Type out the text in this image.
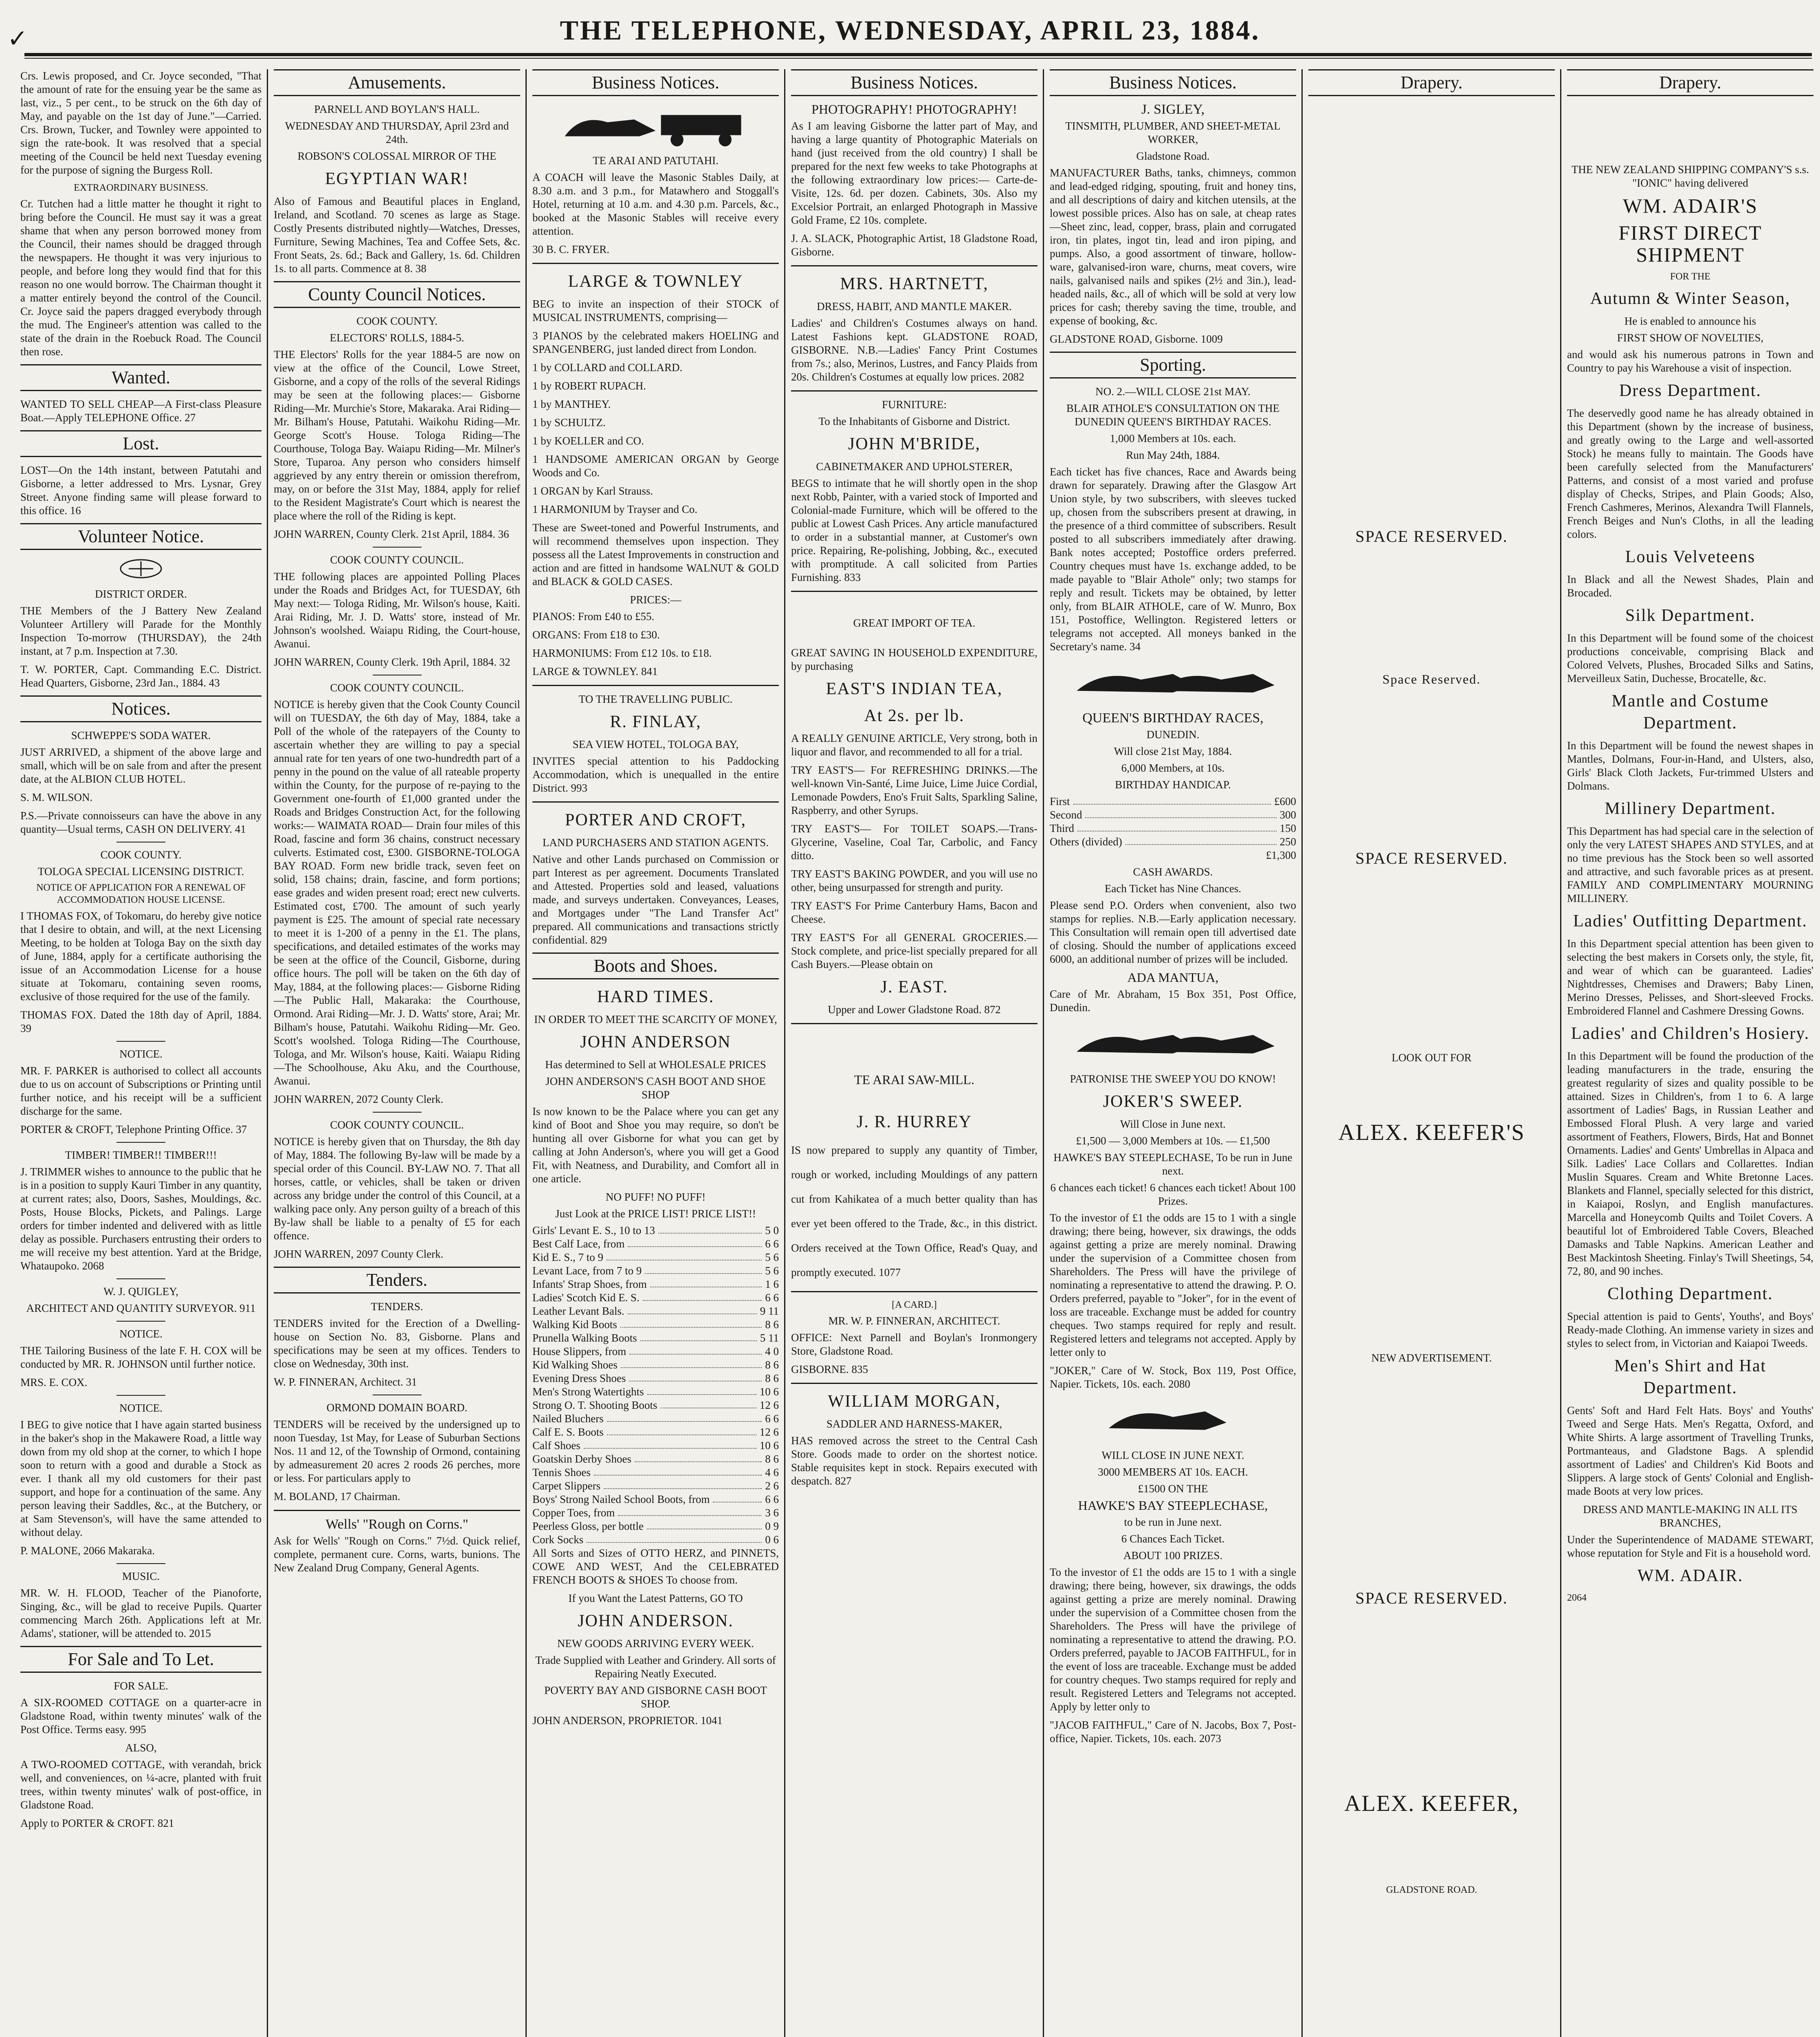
✓	THE TELEPHONE, WEDNESDAY, APRIL 23, 1884.

Crs. Lewis proposed, and Cr. Joyce seconded, "That the amount of rate for the ensuing year be the same as last, viz., 5 per cent., to be struck on the 6th day of May, and payable on the 1st day of June."—Carried. Crs. Brown, Tucker, and Townley were appointed to sign the rate-book. It was resolved that a special meeting of the Council be held next Tuesday evening for the purpose of signing the Burgess Roll.

EXTRAORDINARY BUSINESS.

Cr. Tutchen had a little matter he thought it right to bring before the Council. He must say it was a great shame that when any person borrowed money from the Council, their names should be dragged through the newspapers. He thought it was very injurious to people, and before long they would find that for this reason no one would borrow. The Chairman thought it a matter entirely beyond the control of the Council. Cr. Joyce said the papers dragged everybody through the mud. The Engineer's attention was called to the state of the drain in the Roebuck Road. The Council then rose.

Wanted.

WANTED TO SELL CHEAP—A First-class Pleasure Boat.—Apply TELEPHONE Office. 27

Lost.

LOST—On the 14th instant, between Patutahi and Gisborne, a letter addressed to Mrs. Lysnar, Grey Street. Anyone finding same will please forward to this office. 16

Volunteer Notice.
DISTRICT ORDER.

THE Members of the J Battery New Zealand Volunteer Artillery will Parade for the Monthly Inspection To-morrow (THURSDAY), the 24th instant, at 7 p.m. Inspection at 7.30.

T. W. PORTER, Capt. Commanding E.C. District. Head Quarters, Gisborne, 23rd Jan., 1884. 43

Notices.
SCHWEPPE'S SODA WATER.

JUST ARRIVED, a shipment of the above large and small, which will be on sale from and after the present date, at the ALBION CLUB HOTEL.

S. M. WILSON.

P.S.—Private connoisseurs can have the above in any quantity—Usual terms, CASH ON DELIVERY. 41

COOK COUNTY.
TOLOGA SPECIAL LICENSING DISTRICT.
NOTICE OF APPLICATION FOR A RENEWAL OF ACCOMMODATION HOUSE LICENSE.

I THOMAS FOX, of Tokomaru, do hereby give notice that I desire to obtain, and will, at the next Licensing Meeting, to be holden at Tologa Bay on the sixth day of June, 1884, apply for a certificate authorising the issue of an Accommodation License for a house situate at Tokomaru, containing seven rooms, exclusive of those required for the use of the family.

THOMAS FOX. Dated the 18th day of April, 1884. 39

NOTICE.

MR. F. PARKER is authorised to collect all accounts due to us on account of Subscriptions or Printing until further notice, and his receipt will be a sufficient discharge for the same.

PORTER & CROFT, Telephone Printing Office. 37

TIMBER! TIMBER!! TIMBER!!!

J. TRIMMER wishes to announce to the public that he is in a position to supply Kauri Timber in any quantity, at current rates; also, Doors, Sashes, Mouldings, &c. Posts, House Blocks, Pickets, and Palings. Large orders for timber indented and delivered with as little delay as possible. Purchasers entrusting their orders to me will receive my best attention. Yard at the Bridge, Whataupoko. 2068

W. J. QUIGLEY,
ARCHITECT AND QUANTITY SURVEYOR. 911
NOTICE.

THE Tailoring Business of the late F. H. COX will be conducted by MR. R. JOHNSON until further notice.

MRS. E. COX.

NOTICE.

I BEG to give notice that I have again started business in the baker's shop in the Makawere Road, a little way down from my old shop at the corner, to which I hope soon to return with a good and durable a Stock as ever. I thank all my old customers for their past support, and hope for a continuation of the same. Any person leaving their Saddles, &c., at the Butchery, or at Sam Stevenson's, will have the same attended to without delay.

P. MALONE, 2066 Makaraka.

MUSIC.

MR. W. H. FLOOD, Teacher of the Pianoforte, Singing, &c., will be glad to receive Pupils. Quarter commencing March 26th. Applications left at Mr. Adams', stationer, will be attended to. 2015

For Sale and To Let.
FOR SALE.

A SIX-ROOMED COTTAGE on a quarter-acre in Gladstone Road, within twenty minutes' walk of the Post Office. Terms easy. 995

ALSO,

A TWO-ROOMED COTTAGE, with verandah, brick well, and conveniences, on ¼-acre, planted with fruit trees, within twenty minutes' walk of post-office, in Gladstone Road.

Apply to PORTER & CROFT. 821

Amusements.
PARNELL AND BOYLAN'S HALL.
WEDNESDAY AND THURSDAY, April 23rd and 24th.
ROBSON'S COLOSSAL MIRROR OF THE
EGYPTIAN WAR!

Also of Famous and Beautiful places in England, Ireland, and Scotland. 70 scenes as large as Stage. Costly Presents distributed nightly—Watches, Dresses, Furniture, Sewing Machines, Tea and Coffee Sets, &c. Front Seats, 2s. 6d.; Back and Gallery, 1s. 6d. Children 1s. to all parts. Commence at 8. 38

County Council Notices.
COOK COUNTY.
ELECTORS' ROLLS, 1884-5.

THE Electors' Rolls for the year 1884-5 are now on view at the office of the Council, Lowe Street, Gisborne, and a copy of the rolls of the several Ridings may be seen at the following places:— Gisborne Riding—Mr. Murchie's Store, Makaraka. Arai Riding—Mr. Bilham's House, Patutahi. Waikohu Riding—Mr. George Scott's House. Tologa Riding—The Courthouse, Tologa Bay. Waiapu Riding—Mr. Milner's Store, Tuparoa. Any person who considers himself aggrieved by any entry therein or omission therefrom, may, on or before the 31st May, 1884, apply for relief to the Resident Magistrate's Court which is nearest the place where the roll of the Riding is kept.

JOHN WARREN, County Clerk. 21st April, 1884. 36

COOK COUNTY COUNCIL.

THE following places are appointed Polling Places under the Roads and Bridges Act, for TUESDAY, 6th May next:— Tologa Riding, Mr. Wilson's house, Kaiti. Arai Riding, Mr. J. D. Watts' store, instead of Mr. Johnson's woolshed. Waiapu Riding, the Court-house, Awanui.

JOHN WARREN, County Clerk. 19th April, 1884. 32

COOK COUNTY COUNCIL.

NOTICE is hereby given that the Cook County Council will on TUESDAY, the 6th day of May, 1884, take a Poll of the whole of the ratepayers of the County to ascertain whether they are willing to pay a special annual rate for ten years of one two-hundredth part of a penny in the pound on the value of all rateable property within the County, for the purpose of re-paying to the Government one-fourth of £1,000 granted under the Roads and Bridges Construction Act, for the following works:— WAIMATA ROAD— Drain four miles of this Road, fascine and form 36 chains, construct necessary culverts. Estimated cost, £300. GISBORNE-TOLOGA BAY ROAD. Form new bridle track, seven feet on solid, 158 chains; drain, fascine, and form portions; ease grades and widen present road; erect new culverts. Estimated cost, £700. The amount of such yearly payment is £25. The amount of special rate necessary to meet it is 1-200 of a penny in the £1. The plans, specifications, and detailed estimates of the works may be seen at the office of the Council, Gisborne, during office hours. The poll will be taken on the 6th day of May, 1884, at the following places:— Gisborne Riding—The Public Hall, Makaraka: the Courthouse, Ormond. Arai Riding—Mr. J. D. Watts' store, Arai; Mr. Bilham's house, Patutahi. Waikohu Riding—Mr. Geo. Scott's woolshed. Tologa Riding—The Courthouse, Tologa, and Mr. Wilson's house, Kaiti. Waiapu Riding—The Schoolhouse, Aku Aku, and the Courthouse, Awanui.

JOHN WARREN, 2072 County Clerk.

COOK COUNTY COUNCIL.

NOTICE is hereby given that on Thursday, the 8th day of May, 1884. The following By-law will be made by a special order of this Council. BY-LAW NO. 7. That all horses, cattle, or vehicles, shall be taken or driven across any bridge under the control of this Council, at a walking pace only. Any person guilty of a breach of this By-law shall be liable to a penalty of £5 for each offence.

JOHN WARREN, 2097 County Clerk.

Tenders.
TENDERS.

TENDERS invited for the Erection of a Dwelling-house on Section No. 83, Gisborne. Plans and specifications may be seen at my offices. Tenders to close on Wednesday, 30th inst.

W. P. FINNERAN, Architect. 31

ORMOND DOMAIN BOARD.

TENDERS will be received by the undersigned up to noon Tuesday, 1st May, for Lease of Suburban Sections Nos. 11 and 12, of the Township of Ormond, containing by admeasurement 20 acres 2 roods 26 perches, more or less. For particulars apply to

M. BOLAND, 17 Chairman.

Wells' "Rough on Corns."

Ask for Wells' "Rough on Corns." 7½d. Quick relief, complete, permanent cure. Corns, warts, bunions. The New Zealand Drug Company, General Agents.

Business Notices.
TE ARAI AND PATUTAHI.

A COACH will leave the Masonic Stables Daily, at 8.30 a.m. and 3 p.m., for Matawhero and Stoggall's Hotel, returning at 10 a.m. and 4.30 p.m. Parcels, &c., booked at the Masonic Stables will receive every attention.

30 B. C. FRYER.

LARGE & TOWNLEY

BEG to invite an inspection of their STOCK of MUSICAL INSTRUMENTS, comprising—

3 PIANOS by the celebrated makers HOELING and SPANGENBERG, just landed direct from London.

1 by COLLARD and COLLARD.

1 by ROBERT RUPACH.

1 by MANTHEY.

1 by SCHULTZ.

1 by KOELLER and CO.

1 HANDSOME AMERICAN ORGAN by George Woods and Co.

1 ORGAN by Karl Strauss.

1 HARMONIUM by Trayser and Co.

These are Sweet-toned and Powerful Instruments, and will recommend themselves upon inspection. They possess all the Latest Improvements in construction and action and are fitted in handsome WALNUT & GOLD and BLACK & GOLD CASES.

PRICES:—

PIANOS: From £40 to £55.

ORGANS: From £18 to £30.

HARMONIUMS: From £12 10s. to £18.

LARGE & TOWNLEY. 841

TO THE TRAVELLING PUBLIC.
R. FINLAY,
SEA VIEW HOTEL, TOLOGA BAY,

INVITES special attention to his Paddocking Accommodation, which is unequalled in the entire District. 993

PORTER AND CROFT,
LAND PURCHASERS AND STATION AGENTS.

Native and other Lands purchased on Commission or part Interest as per agreement. Documents Translated and Attested. Properties sold and leased, valuations made, and surveys undertaken. Conveyances, Leases, and Mortgages under "The Land Transfer Act" prepared. All communications and transactions strictly confidential. 829

Boots and Shoes.
HARD TIMES.
IN ORDER TO MEET THE SCARCITY OF MONEY,
JOHN ANDERSON
Has determined to Sell at WHOLESALE PRICES
JOHN ANDERSON'S CASH BOOT AND SHOE SHOP

Is now known to be the Palace where you can get any kind of Boot and Shoe you may require, so don't be hunting all over Gisborne for what you can get by calling at John Anderson's, where you will get a Good Fit, with Neatness, and Durability, and Comfort all in one article.

NO PUFF! NO PUFF!
Just Look at the PRICE LIST! PRICE LIST!!
Girls' Levant E. S., 10 to 13	5 0
Best Calf Lace, from	6 6
Kid E. S., 7 to 9	5 6
Levant Lace, from 7 to 9	5 6
Infants' Strap Shoes, from	1 6
Ladies' Scotch Kid E. S.	6 6
Leather Levant Bals.	9 11
Walking Kid Boots	8 6
Prunella Walking Boots	5 11
House Slippers, from	4 0
Kid Walking Shoes	8 6
Evening Dress Shoes	8 6
Men's Strong Watertights	10 6
Strong O. T. Shooting Boots	12 6
Nailed Bluchers	6 6
Calf E. S. Boots	12 6
Calf Shoes	10 6
Goatskin Derby Shoes	8 6
Tennis Shoes	4 6
Carpet Slippers	2 6
Boys' Strong Nailed School Boots, from	6 6
Copper Toes, from	3 6
Peerless Gloss, per bottle	0 9
Cork Socks	0 6

All Sorts and Sizes of OTTO HERZ, and PINNETS, COWE AND WEST, And the CELEBRATED FRENCH BOOTS & SHOES To choose from.

If you Want the Latest Patterns, GO TO
JOHN ANDERSON.
NEW GOODS ARRIVING EVERY WEEK.
Trade Supplied with Leather and Grindery. All sorts of Repairing Neatly Executed.
POVERTY BAY AND GISBORNE CASH BOOT SHOP.

JOHN ANDERSON, PROPRIETOR. 1041

Business Notices.
PHOTOGRAPHY! PHOTOGRAPHY!

As I am leaving Gisborne the latter part of May, and having a large quantity of Photographic Materials on hand (just received from the old country) I shall be prepared for the next few weeks to take Photographs at the following extraordinary low prices:— Carte-de-Visite, 12s. 6d. per dozen. Cabinets, 30s. Also my Excelsior Portrait, an enlarged Photograph in Massive Gold Frame, £2 10s. complete.

J. A. SLACK, Photographic Artist, 18 Gladstone Road, Gisborne.

MRS. HARTNETT,
DRESS, HABIT, AND MANTLE MAKER.

Ladies' and Children's Costumes always on hand. Latest Fashions kept. GLADSTONE ROAD, GISBORNE. N.B.—Ladies' Fancy Print Costumes from 7s.; also, Merinos, Lustres, and Fancy Plaids from 20s. Children's Costumes at equally low prices. 2082

FURNITURE:
To the Inhabitants of Gisborne and District.
JOHN M'BRIDE,
CABINETMAKER AND UPHOLSTERER,

BEGS to intimate that he will shortly open in the shop next Robb, Painter, with a varied stock of Imported and Colonial-made Furniture, which will be offered to the public at Lowest Cash Prices. Any article manufactured to order in a substantial manner, at Customer's own price. Repairing, Re-polishing, Jobbing, &c., executed with promptitude. A call solicited from Parties Furnishing. 833

GREAT IMPORT OF TEA.

GREAT SAVING IN HOUSEHOLD EXPENDITURE, by purchasing

EAST'S INDIAN TEA,
At 2s. per lb.

A REALLY GENUINE ARTICLE, Very strong, both in liquor and flavor, and recommended to all for a trial.

TRY EAST'S— For REFRESHING DRINKS.—The well-known Vin-Santé, Lime Juice, Lime Juice Cordial, Lemonade Powders, Eno's Fruit Salts, Sparkling Saline, Raspberry, and other Syrups.

TRY EAST'S— For TOILET SOAPS.—Trans-Glycerine, Vaseline, Coal Tar, Carbolic, and Fancy ditto.

TRY EAST'S BAKING POWDER, and you will use no other, being unsurpassed for strength and purity.

TRY EAST'S For Prime Canterbury Hams, Bacon and Cheese.

TRY EAST'S For all GENERAL GROCERIES.—Stock complete, and price-list specially prepared for all Cash Buyers.—Please obtain on

J. EAST.
Upper and Lower Gladstone Road. 872
TE ARAI SAW-MILL.
J. R. HURREY

IS now prepared to supply any quantity of Timber, rough or worked, including Mouldings of any pattern cut from Kahikatea of a much better quality than has ever yet been offered to the Trade, &c., in this district. Orders received at the Town Office, Read's Quay, and promptly executed. 1077

[A CARD.]
MR. W. P. FINNERAN, ARCHITECT.

OFFICE: Next Parnell and Boylan's Ironmongery Store, Gladstone Road.

GISBORNE. 835

WILLIAM MORGAN,
SADDLER AND HARNESS-MAKER,

HAS removed across the street to the Central Cash Store. Goods made to order on the shortest notice. Stable requisites kept in stock. Repairs executed with despatch. 827

Business Notices.
J. SIGLEY,
TINSMITH, PLUMBER, AND SHEET-METAL WORKER,
Gladstone Road.

MANUFACTURER Baths, tanks, chimneys, common and lead-edged ridging, spouting, fruit and honey tins, and all descriptions of dairy and kitchen utensils, at the lowest possible prices. Also has on sale, at cheap rates—Sheet zinc, lead, copper, brass, plain and corrugated iron, tin plates, ingot tin, lead and iron piping, and pumps. Also, a good assortment of tinware, hollow-ware, galvanised-iron ware, churns, meat covers, wire nails, galvanised nails and spikes (2½ and 3in.), lead-headed nails, &c., all of which will be sold at very low prices for cash; thereby saving the time, trouble, and expense of booking, &c.

GLADSTONE ROAD, Gisborne. 1009

Sporting.
NO. 2.—WILL CLOSE 21st MAY.
BLAIR ATHOLE'S CONSULTATION ON THE DUNEDIN QUEEN'S BIRTHDAY RACES.
1,000 Members at 10s. each.
Run May 24th, 1884.

Each ticket has five chances, Race and Awards being drawn for separately. Drawing after the Glasgow Art Union style, by two subscribers, with sleeves tucked up, chosen from the subscribers present at drawing, in the presence of a third committee of subscribers. Result posted to all subscribers immediately after drawing. Bank notes accepted; Postoffice orders preferred. Country cheques must have 1s. exchange added, to be made payable to "Blair Athole" only; two stamps for reply and result. Tickets may be obtained, by letter only, from BLAIR ATHOLE, care of W. Munro, Box 151, Postoffice, Wellington. Registered letters or telegrams not accepted. All moneys banked in the Secretary's name. 34

QUEEN'S BIRTHDAY RACES,
DUNEDIN.
Will close 21st May, 1884.
6,000 Members, at 10s.
BIRTHDAY HANDICAP.
First	£600
Second	300
Third	150
Others (divided)	250
£1,300
CASH AWARDS.
Each Ticket has Nine Chances.

Please send P.O. Orders when convenient, also two stamps for replies. N.B.—Early application necessary. This Consultation will remain open till advertised date of closing. Should the number of applications exceed 6000, an additional number of prizes will be included.

ADA MANTUA,

Care of Mr. Abraham, 15 Box 351, Post Office, Dunedin.

PATRONISE THE SWEEP YOU DO KNOW!
JOKER'S SWEEP.
Will Close in June next.
£1,500 — 3,000 Members at 10s. — £1,500
HAWKE'S BAY STEEPLECHASE, To be run in June next.
6 chances each ticket! 6 chances each ticket! About 100 Prizes.

To the investor of £1 the odds are 15 to 1 with a single drawing; there being, however, six drawings, the odds against getting a prize are merely nominal. Drawing under the supervision of a Committee chosen from Shareholders. The Press will have the privilege of nominating a representative to attend the drawing. P. O. Orders preferred, payable to "Joker", for in the event of loss are traceable. Exchange must be added for country cheques. Two stamps required for reply and result. Registered letters and telegrams not accepted. Apply by letter only to

"JOKER," Care of W. Stock, Box 119, Post Office, Napier. Tickets, 10s. each. 2080

WILL CLOSE IN JUNE NEXT.
3000 MEMBERS AT 10s. EACH.
£1500 ON THE
HAWKE'S BAY STEEPLECHASE,
to be run in June next.
6 Chances Each Ticket.
ABOUT 100 PRIZES.

To the investor of £1 the odds are 15 to 1 with a single drawing; there being, however, six drawings, the odds against getting a prize are merely nominal. Drawing under the supervision of a Committee chosen from the Shareholders. The Press will have the privilege of nominating a representative to attend the drawing. P.O. Orders preferred, payable to JACOB FAITHFUL, for in the event of loss are traceable. Exchange must be added for country cheques. Two stamps required for reply and result. Registered Letters and Telegrams not accepted. Apply by letter only to

"JACOB FAITHFUL," Care of N. Jacobs, Box 7, Post-office, Napier. Tickets, 10s. each. 2073

Drapery.
SPACE RESERVED.
Space Reserved.
SPACE RESERVED.
LOOK OUT FOR
ALEX. KEEFER'S
NEW ADVERTISEMENT.
SPACE RESERVED.
ALEX. KEEFER,
GLADSTONE ROAD.
Drapery.
THE NEW ZEALAND SHIPPING COMPANY'S s.s. "IONIC" having delivered
WM. ADAIR'S
FIRST DIRECT SHIPMENT
FOR THE
Autumn & Winter Season,
He is enabled to announce his
FIRST SHOW OF NOVELTIES,

and would ask his numerous patrons in Town and Country to pay his Warehouse a visit of inspection.

Dress Department.

The deservedly good name he has already obtained in this Department (shown by the increase of business, and greatly owing to the Large and well-assorted Stock) he means fully to maintain. The Goods have been carefully selected from the Manufacturers' Patterns, and consist of a most varied and profuse display of Checks, Stripes, and Plain Goods; Also, French Cashmeres, Merinos, Alexandra Twill Flannels, French Beiges and Nun's Cloths, in all the leading colors.

Louis Velveteens

In Black and all the Newest Shades, Plain and Brocaded.

Silk Department.

In this Department will be found some of the choicest productions conceivable, comprising Black and Colored Velvets, Plushes, Brocaded Silks and Satins, Merveilleux Satin, Duchesse, Brocatelle, &c.

Mantle and Costume Department.

In this Department will be found the newest shapes in Mantles, Dolmans, Four-in-Hand, and Ulsters, also, Girls' Black Cloth Jackets, Fur-trimmed Ulsters and Dolmans.

Millinery Department.

This Department has had special care in the selection of only the very LATEST SHAPES AND STYLES, and at no time previous has the Stock been so well assorted and attractive, and such favorable prices as at present. FAMILY AND COMPLIMENTARY MOURNING MILLINERY.

Ladies' Outfitting Department.

In this Department special attention has been given to selecting the best makers in Corsets only, the style, fit, and wear of which can be guaranteed. Ladies' Nightdresses, Chemises and Drawers; Baby Linen, Merino Dresses, Pelisses, and Short-sleeved Frocks. Embroidered Flannel and Cashmere Dressing Gowns.

Ladies' and Children's Hosiery.

In this Department will be found the production of the leading manufacturers in the trade, ensuring the greatest regularity of sizes and quality possible to be attained. Sizes in Children's, from 1 to 6. A large assortment of Ladies' Bags, in Russian Leather and Embossed Floral Plush. A very large and varied assortment of Feathers, Flowers, Birds, Hat and Bonnet Ornaments. Ladies' and Gents' Umbrellas in Alpaca and Silk. Ladies' Lace Collars and Collarettes. Indian Muslin Squares. Cream and White Bretonne Laces. Blankets and Flannel, specially selected for this district, in Kaiapoi, Roslyn, and English manufactures. Marcella and Honeycomb Quilts and Toilet Covers. A beautiful lot of Embroidered Table Covers, Bleached Damasks and Table Napkins. American Leather and Best Mackintosh Sheeting. Finlay's Twill Sheetings, 54, 72, 80, and 90 inches.

Clothing Department.

Special attention is paid to Gents', Youths', and Boys' Ready-made Clothing. An immense variety in sizes and styles to select from, in Victorian and Kaiapoi Tweeds.

Men's Shirt and Hat Department.

Gents' Soft and Hard Felt Hats. Boys' and Youths' Tweed and Serge Hats. Men's Regatta, Oxford, and White Shirts. A large assortment of Travelling Trunks, Portmanteaus, and Gladstone Bags. A splendid assortment of Ladies' and Children's Kid Boots and Slippers. A large stock of Gents' Colonial and English-made Boots at very low prices.

DRESS AND MANTLE-MAKING IN ALL ITS BRANCHES,

Under the Superintendence of MADAME STEWART, whose reputation for Style and Fit is a household word.

WM. ADAIR.
2064
